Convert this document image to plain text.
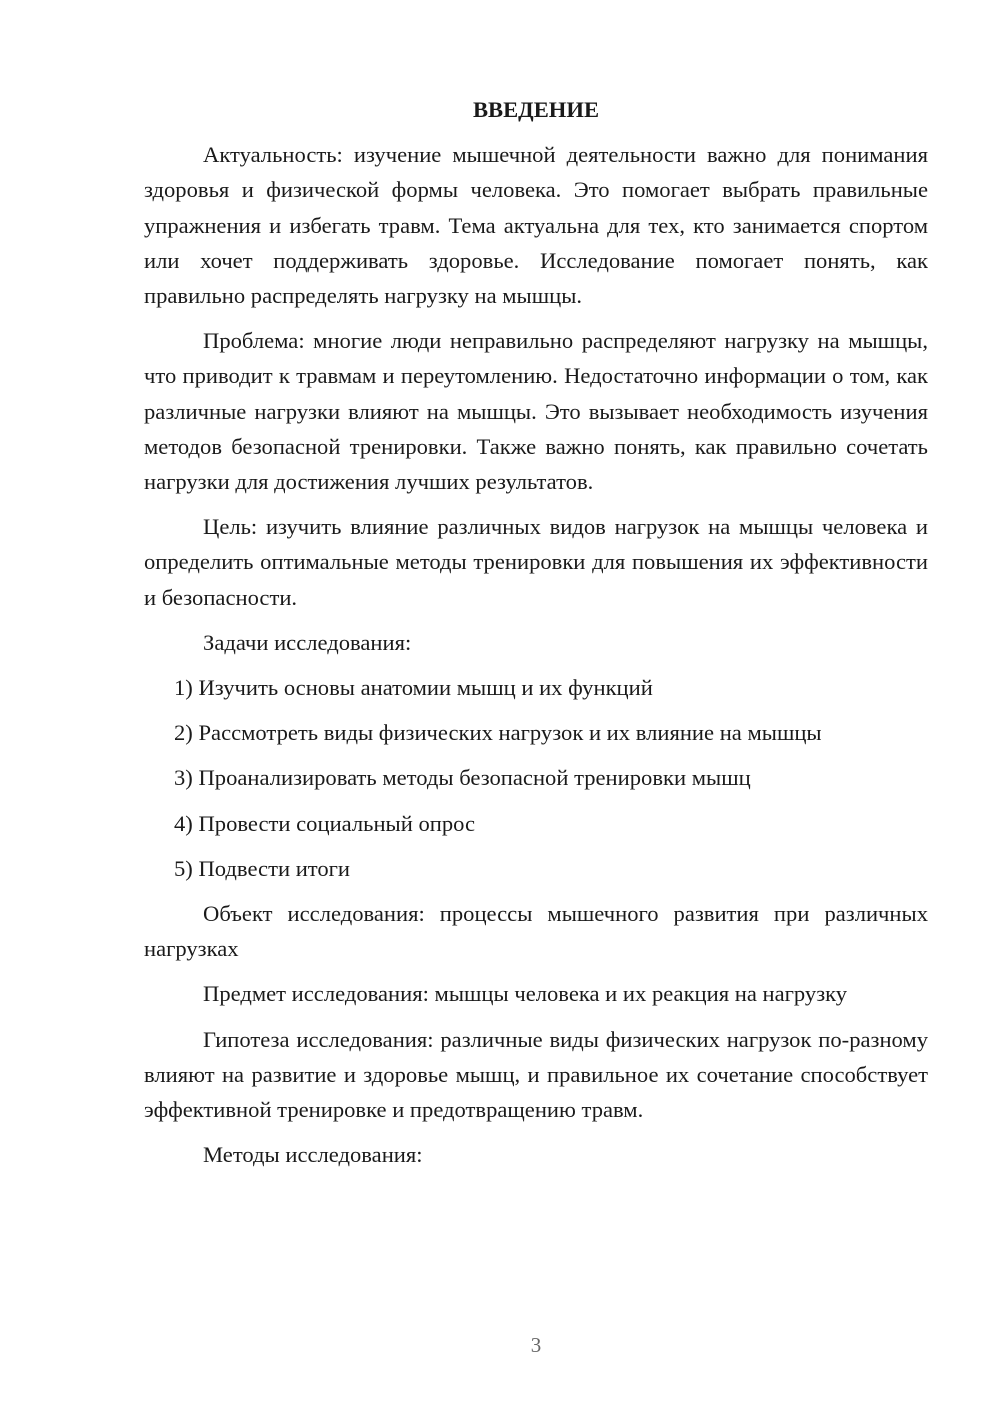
ВВЕДЕНИЕ

Актуальность: изучение мышечной деятельности важно для понимания здоровья и физической формы человека. Это помогает выбрать правильные упражнения и избегать травм. Тема актуальна для тех, кто занимается спортом или хочет поддерживать здоровье. Исследование помогает понять, как правильно распределять нагрузку на мышцы.

Проблема: многие люди неправильно распределяют нагрузку на мышцы, что приводит к травмам и переутомлению. Недостаточно информации о том, как различные нагрузки влияют на мышцы. Это вызывает необходимость изучения методов безопасной тренировки. Также важно понять, как правильно сочетать нагрузки для достижения лучших результатов.

Цель: изучить влияние различных видов нагрузок на мышцы человека и определить оптимальные методы тренировки для повышения их эффективности и безопасности.

Задачи исследования:

1) Изучить основы анатомии мышц и их функций

2) Рассмотреть виды физических нагрузок и их влияние на мышцы

3) Проанализировать методы безопасной тренировки мышц

4) Провести социальный опрос

5) Подвести итоги

Объект исследования: процессы мышечного развития при различных нагрузках

Предмет исследования: мышцы человека и их реакция на нагрузку

Гипотеза исследования: различные виды физических нагрузок по-разному влияют на развитие и здоровье мышц, и правильное их сочетание способствует эффективной тренировке и предотвращению травм.

Методы исследования:

3
